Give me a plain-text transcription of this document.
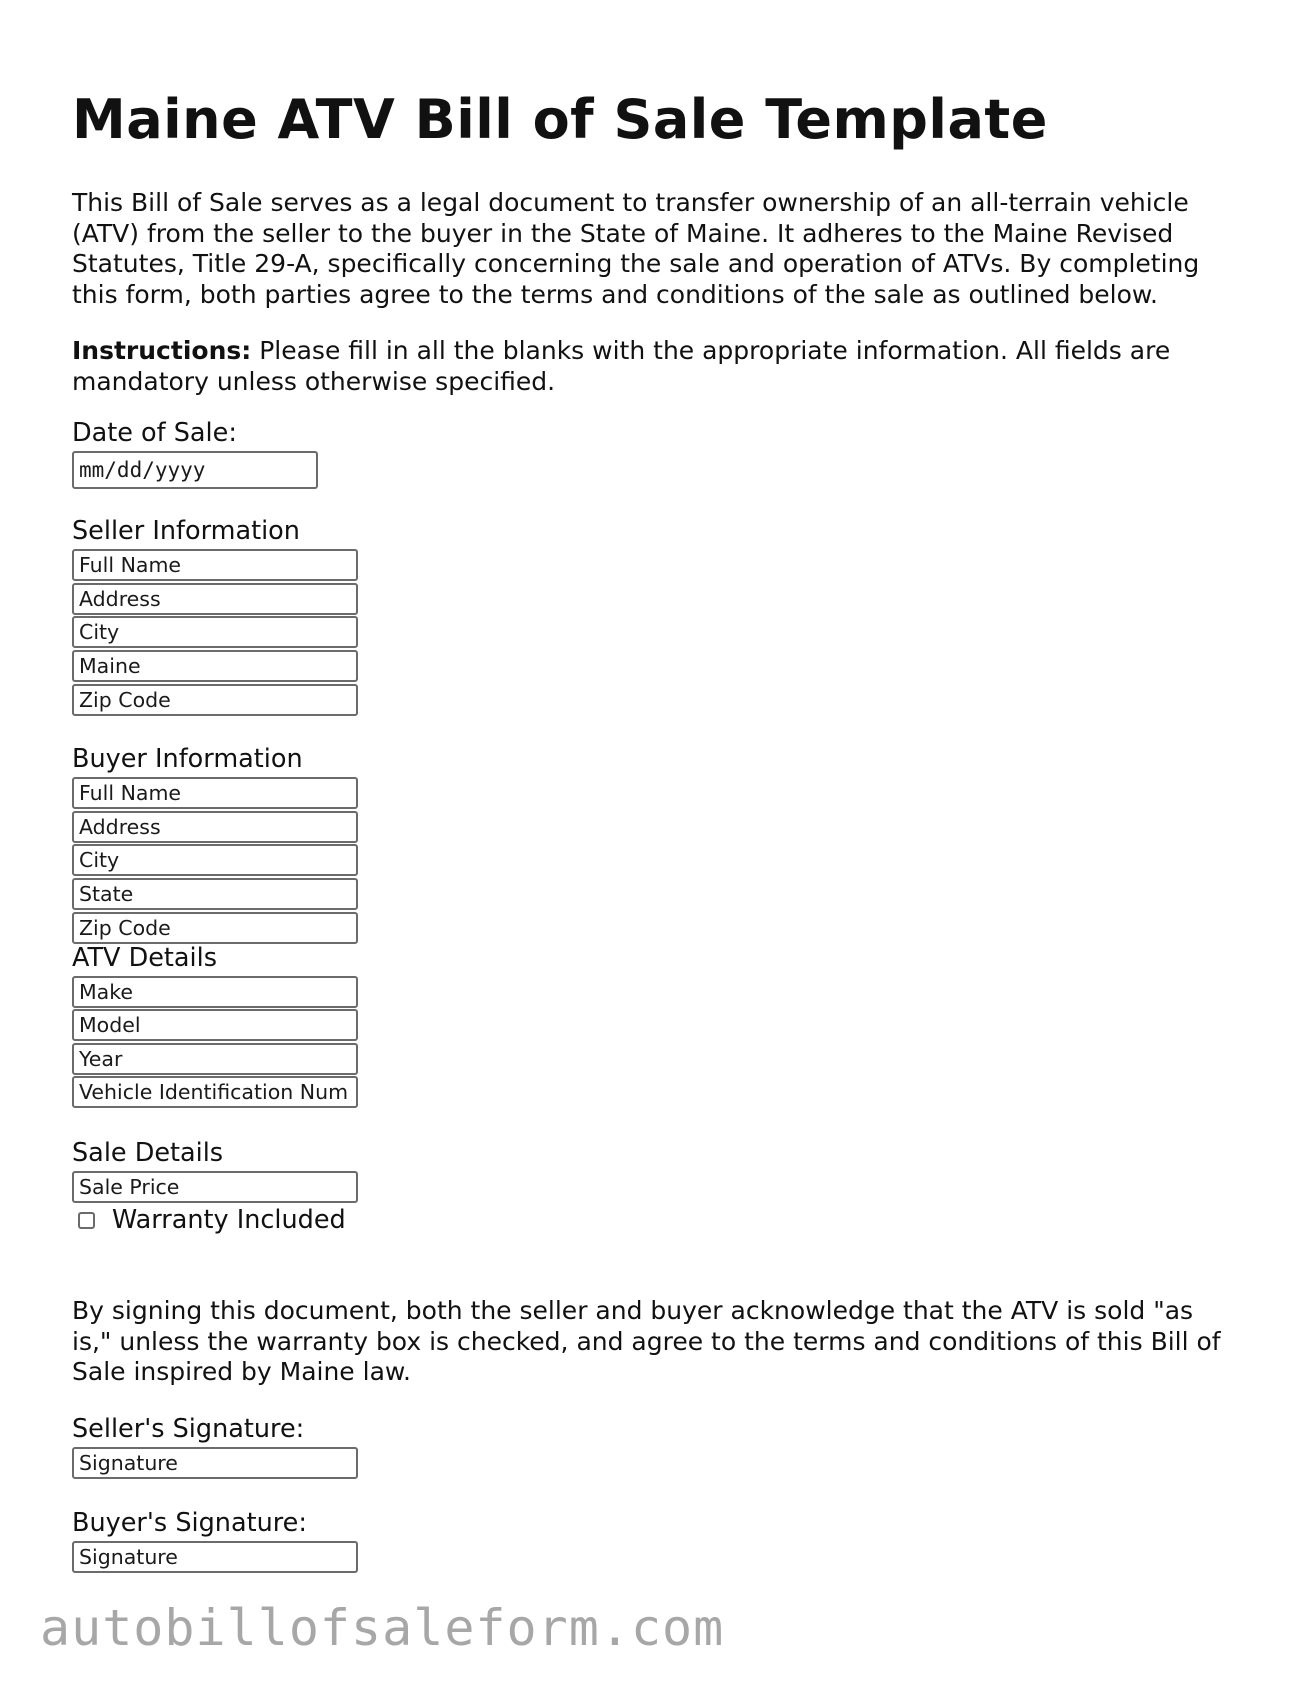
Maine ATV Bill of Sale Template

This Bill of Sale serves as a legal document to transfer ownership of an all-terrain vehicle (ATV) from the seller to the buyer in the State of Maine. It adheres to the Maine Revised Statutes, Title 29-A, specifically concerning the sale and operation of ATVs. By completing this form, both parties agree to the terms and conditions of the sale as outlined below.

Instructions: Please fill in all the blanks with the appropriate information. All fields are mandatory unless otherwise specified.

Date of Sale:
mm/dd/yyyy
Seller Information
Full Name
Address
City
Maine
Zip Code
Buyer Information
Full Name
Address
City
State
Zip Code
ATV Details
Make
Model
Year
Vehicle Identification Num
Sale Details
Sale Price
Warranty Included

By signing this document, both the seller and buyer acknowledge that the ATV is sold "as is," unless the warranty box is checked, and agree to the terms and conditions of this Bill of Sale inspired by Maine law.

Seller's Signature:
Signature
Buyer's Signature:
Signature
autobillofsaleform.com
